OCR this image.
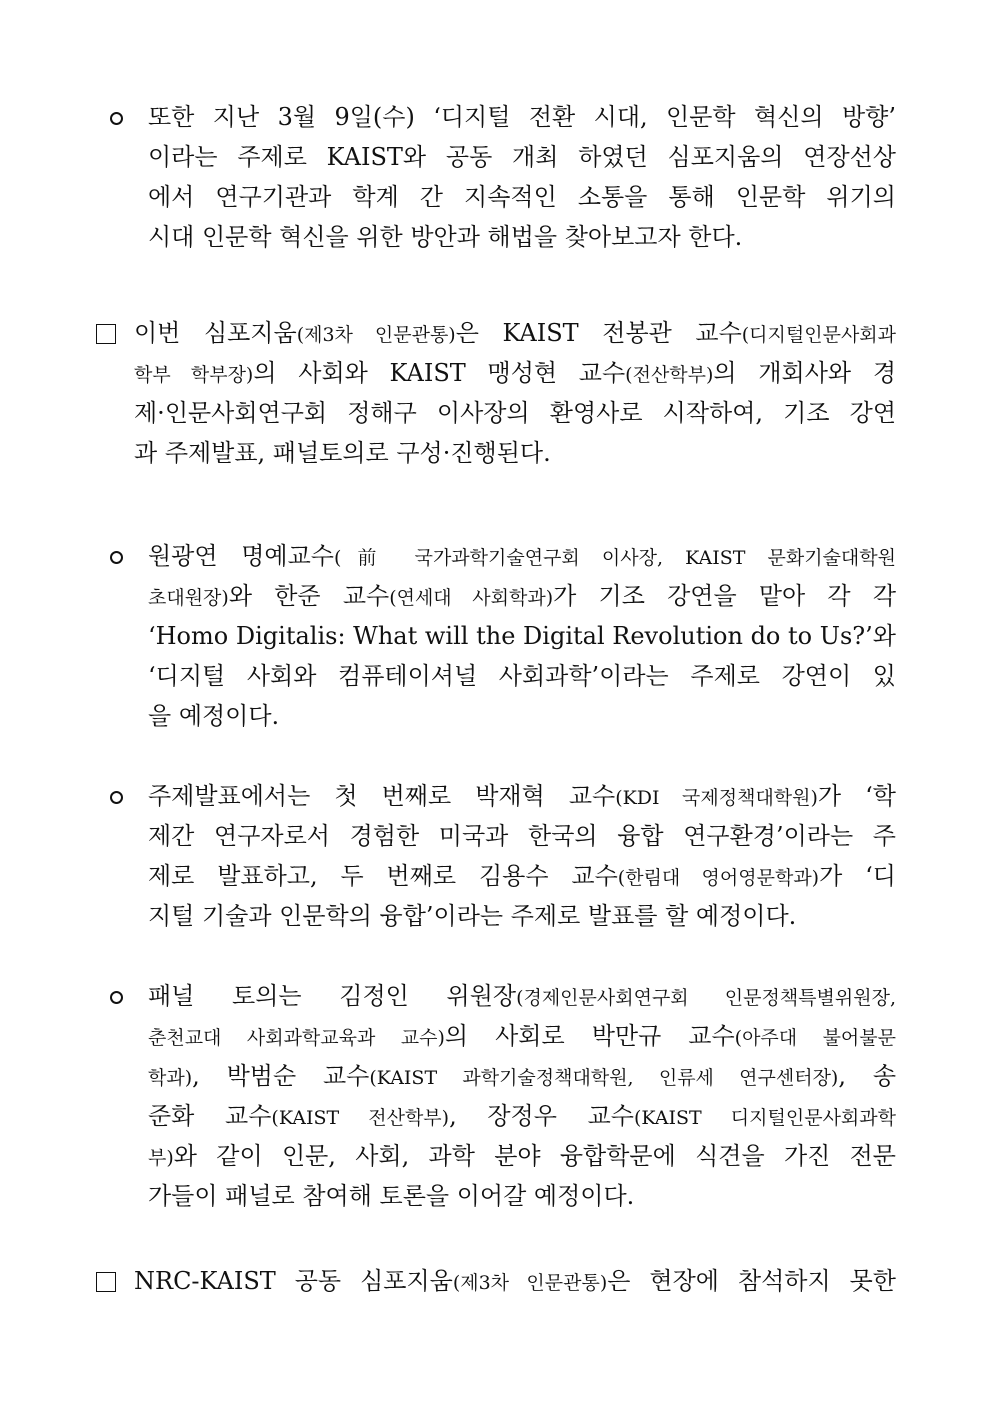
또한 지난 3월 9일(수) ‘디지털 전환 시대, 인문학 혁신의 방향’
이라는 주제로 KAIST와 공동 개최 하였던 심포지움의 연장선상
에서 연구기관과 학계 간 지속적인 소통을 통해 인문학 위기의
시대 인문학 혁신을 위한 방안과 해법을 찾아보고자 한다.
이번 심포지움(제3차 인문관통)은 KAIST 전봉관 교수(디지털인문사회과
학부 학부장)의 사회와 KAIST 맹성현 교수(전산학부)의 개회사와 경
제·인문사회연구회 정해구 이사장의 환영사로 시작하여, 기조 강연
과 주제발표, 패널토의로 구성·진행된다.
원광연 명예교수(前 국가과학기술연구회 이사장, KAIST 문화기술대학원
초대원장)와 한준 교수(연세대 사회학과)가 기조 강연을 맡아 각 각
‘Homo Digitalis: What will the Digital Revolution do to Us?’와
‘디지털 사회와 컴퓨테이셔널 사회과학’이라는 주제로 강연이 있
을 예정이다.
주제발표에서는 첫 번째로 박재혁 교수(KDI 국제정책대학원)가 ‘학
제간 연구자로서 경험한 미국과 한국의 융합 연구환경’이라는 주
제로 발표하고, 두 번째로 김용수 교수(한림대 영어영문학과)가 ‘디
지털 기술과 인문학의 융합’이라는 주제로 발표를 할 예정이다.
패널 토의는 김정인 위원장(경제인문사회연구회 인문정책특별위원장,
춘천교대 사회과학교육과 교수)의 사회로 박만규 교수(아주대 불어불문
학과), 박범순 교수(KAIST 과학기술정책대학원, 인류세 연구센터장), 송
준화 교수(KAIST 전산학부), 장정우 교수(KAIST 디지털인문사회과학
부)와 같이 인문, 사회, 과학 분야 융합학문에 식견을 가진 전문
가들이 패널로 참여해 토론을 이어갈 예정이다.
NRC-KAIST 공동 심포지움(제3차 인문관통)은 현장에 참석하지 못한
